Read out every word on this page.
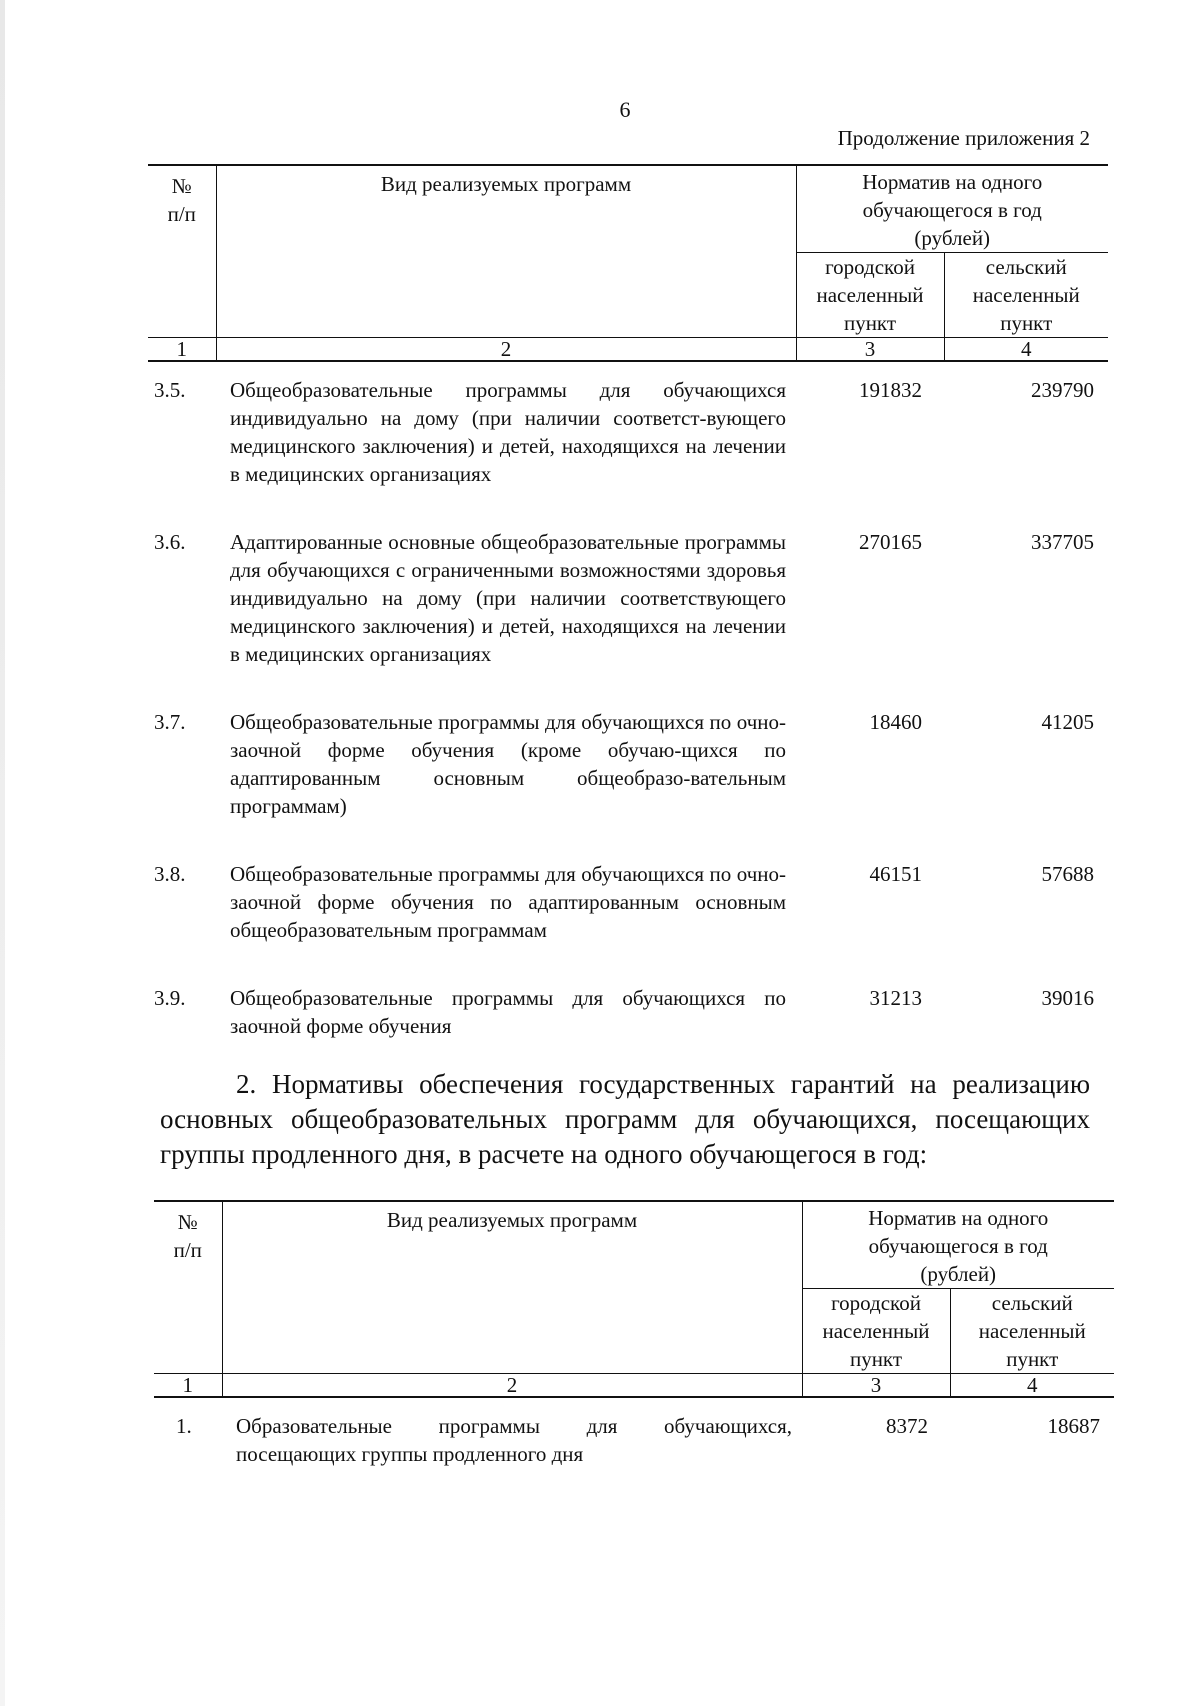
6
Продолжение приложения 2
№ п/п	Вид реализуемых программ	Норматив на одного обучающегося в год (рублей)	
		городской населенный пункт	сельский населенный пункт
1	2	3	4

3.5.	Общеобразовательные программы для обучающихся индивидуально на дому (при наличии соответст-вующего медицинского заключения) и детей, находящихся на лечении в медицинских организациях	191832	239790

3.6.	Адаптированные основные общеобразовательные программы для обучающихся с ограниченными возможностями здоровья индивидуально на дому (при наличии соответствующего медицинского заключения) и детей, находящихся на лечении в медицинских организациях	270165	337705

3.7.	Общеобразовательные программы для обучающихся по очно-заочной форме обучения (кроме обучаю-щихся по адаптированным основным общеобразо-вательным программам)	18460	41205

3.8.	Общеобразовательные программы для обучающихся по очно-заочной форме обучения по адаптированным основным общеобразовательным программам	46151	57688

3.9.	Общеобразовательные программы для обучающихся по заочной форме обучения	31213	39016
2. Нормативы обеспечения государственных гарантий на реализацию основных общеобразовательных программ для обучающихся, посещающих группы продленного дня, в расчете на одного обучающегося в год:
№ п/п	Вид реализуемых программ	Норматив на одного обучающегося в год (рублей)	
		городской населенный пункт	сельский населенный пункт
1	2	3	4

1.	Образовательные программы для обучающихся, посещающих группы продленного дня	8372	18687
